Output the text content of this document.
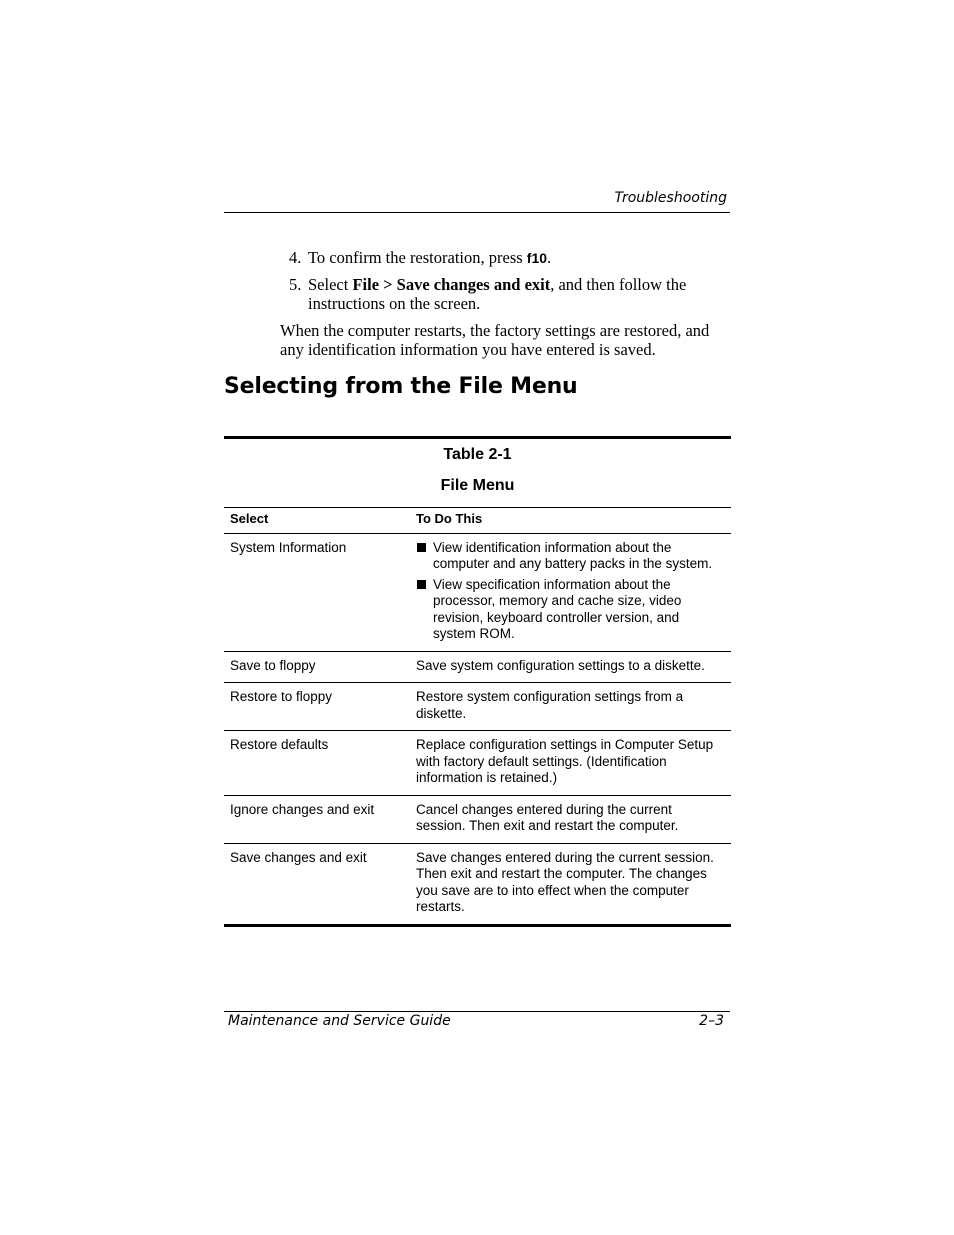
Troubleshooting
4. To confirm the restoration, press f10.
5. Select File > Save changes and exit, and then follow the instructions on the screen.
When the computer restarts, the factory settings are restored, and any identification information you have entered is saved.
Selecting from the File Menu
Table 2-1
File Menu
Select	To Do This
System Information	View identification information about the computer and any battery packs in the system.
View specification information about the processor, memory and cache size, video revision, keyboard controller version, and system ROM.

Save to floppy	Save system configuration settings to a diskette.
Restore to floppy	Restore system configuration settings from a diskette.
Restore defaults	Replace configuration settings in Computer Setup with factory default settings. (Identification information is retained.)
Ignore changes and exit	Cancel changes entered during the current session. Then exit and restart the computer.
Save changes and exit	Save changes entered during the current session. Then exit and restart the computer. The changes you save are to into effect when the computer restarts.
Maintenance and Service Guide	2–3
